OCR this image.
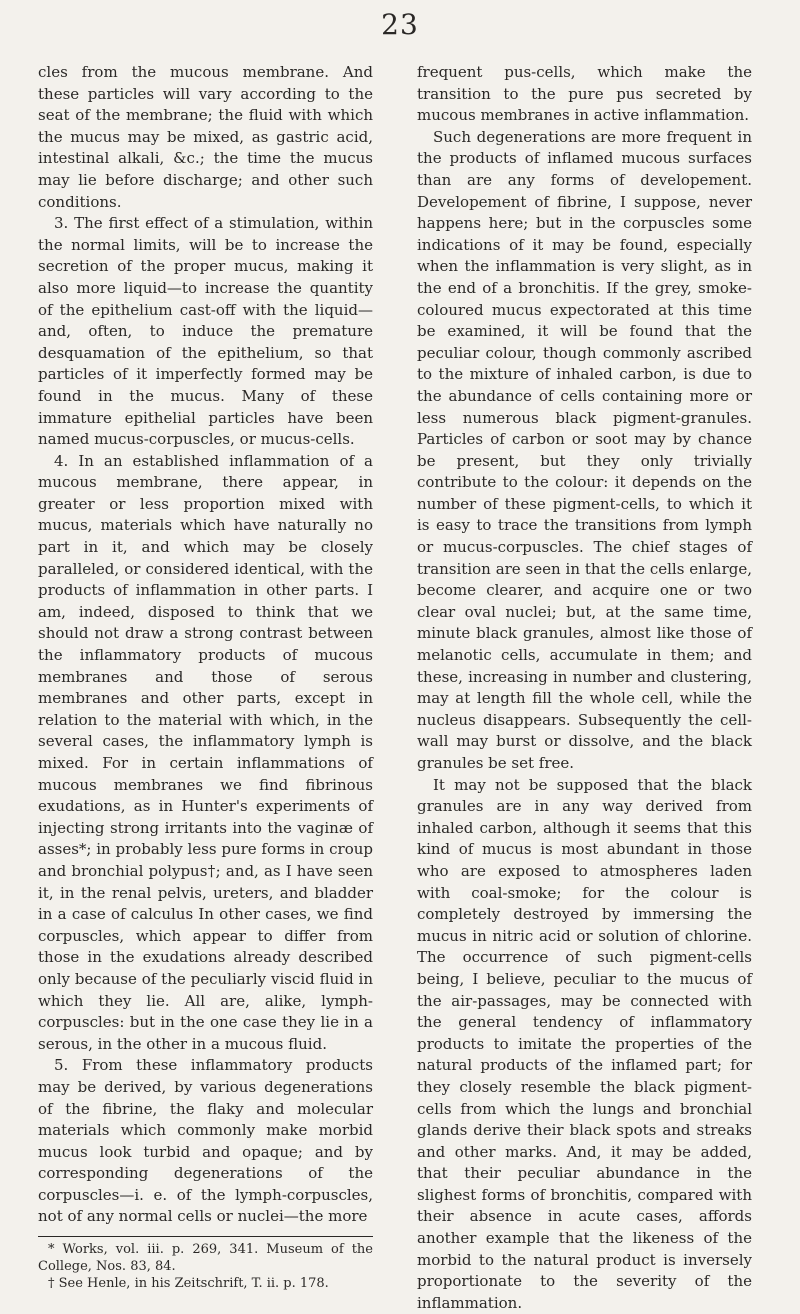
23

cles from the mucous membrane. And these particles will vary according to the seat of the membrane; the fluid with which the mucus may be mixed, as gastric acid, intestinal alkali, &c.; the time the mucus may lie before discharge; and other such conditions.

3. The first effect of a stimulation, within the normal limits, will be to increase the secretion of the proper mucus, making it also more liquid—to increase the quantity of the epithelium cast-off with the liquid—and, often, to induce the premature desquamation of the epithelium, so that particles of it imperfectly formed may be found in the mucus. Many of these immature epithelial particles have been named mucus-corpuscles, or mucus-cells.

4. In an established inflammation of a mucous membrane, there appear, in greater or less proportion mixed with mucus, materials which have naturally no part in it, and which may be closely paralleled, or considered identical, with the products of inflammation in other parts. I am, indeed, disposed to think that we should not draw a strong contrast between the inflammatory products of mucous membranes and those of serous membranes and other parts, except in relation to the material with which, in the several cases, the inflammatory lymph is mixed. For in certain inflammations of mucous membranes we find fibrinous exudations, as in Hunter's experiments of injecting strong irritants into the vaginæ of asses*; in probably less pure forms in croup and bronchial polypus†; and, as I have seen it, in the renal pelvis, ureters, and bladder in a case of calculus In other cases, we find corpuscles, which appear to differ from those in the exudations already described only because of the peculiarly viscid fluid in which they lie. All are, alike, lymph-corpuscles: but in the one case they lie in a serous, in the other in a mucous fluid.

5. From these inflammatory products may be derived, by various degenerations of the fibrine, the flaky and molecular materials which commonly make morbid mucus look turbid and opaque; and by corresponding degenerations of the corpuscles—i. e. of the lymph-corpuscles, not of any normal cells or nuclei—the more

* Works, vol. iii. p. 269, 341. Museum of the College, Nos. 83, 84.

† See Henle, in his Zeitschrift, T. ii. p. 178.

frequent pus-cells, which make the transition to the pure pus secreted by mucous membranes in active inflammation.

Such degenerations are more frequent in the products of inflamed mucous surfaces than are any forms of developement. Developement of fibrine, I suppose, never happens here; but in the corpuscles some indications of it may be found, especially when the inflammation is very slight, as in the end of a bronchitis. If the grey, smoke-coloured mucus expectorated at this time be examined, it will be found that the peculiar colour, though commonly ascribed to the mixture of inhaled carbon, is due to the abundance of cells containing more or less numerous black pigment-granules. Particles of carbon or soot may by chance be present, but they only trivially contribute to the colour: it depends on the number of these pigment-cells, to which it is easy to trace the transitions from lymph or mucus-corpuscles. The chief stages of transition are seen in that the cells enlarge, become clearer, and acquire one or two clear oval nuclei; but, at the same time, minute black granules, almost like those of melanotic cells, accumulate in them; and these, increasing in number and clustering, may at length fill the whole cell, while the nucleus disappears. Subsequently the cell-wall may burst or dissolve, and the black granules be set free.

It may not be supposed that the black granules are in any way derived from inhaled carbon, although it seems that this kind of mucus is most abundant in those who are exposed to atmospheres laden with coal-smoke; for the colour is completely destroyed by immersing the mucus in nitric acid or solution of chlorine. The occurrence of such pigment-cells being, I believe, peculiar to the mucus of the air-passages, may be connected with the general tendency of inflammatory products to imitate the properties of the natural products of the inflamed part; for they closely resemble the black pigment-cells from which the lungs and bronchial glands derive their black spots and streaks and other marks. And, it may be added, that their peculiar abundance in the slighest forms of bronchitis, compared with their absence in acute cases, affords another example that the likeness of the morbid to the natural product is inversely proportionate to the severity of the inflammation.
